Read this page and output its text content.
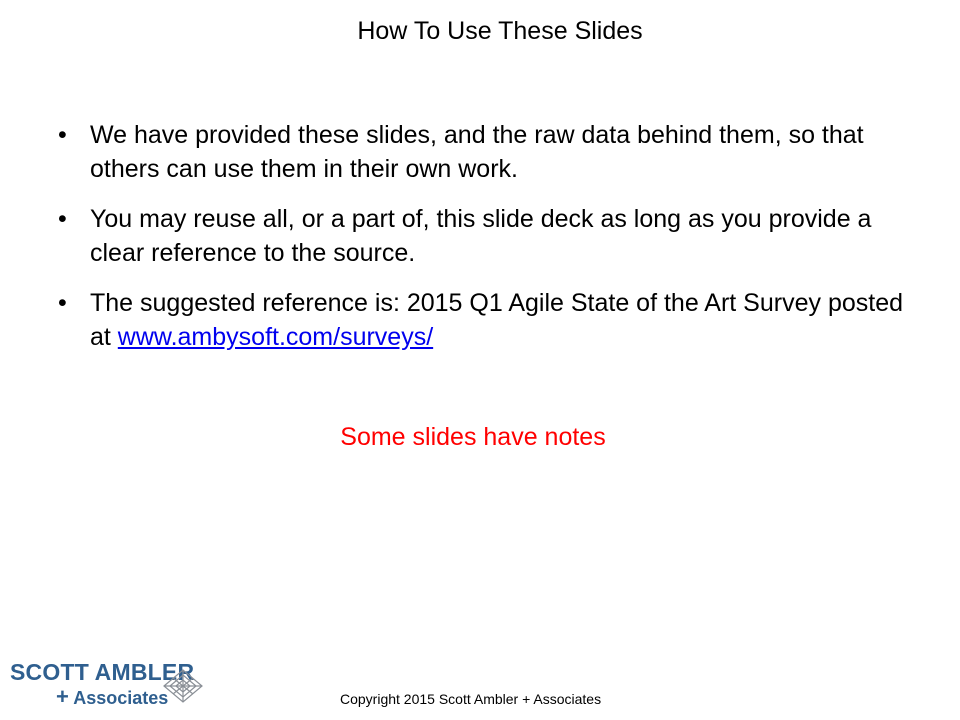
How To Use These Slides
• We have provided these slides, and the raw data behind them, so that others can use them in their own work.
• You may reuse all, or a part of, this slide deck as long as you provide a clear reference to the source.
• The suggested reference is: 2015 Q1 Agile State of the Art Survey posted at www.ambysoft.com/surveys/
Some slides have notes
SCOTT AMBLER
+ Associates	Copyright 2015 Scott Ambler + Associates
